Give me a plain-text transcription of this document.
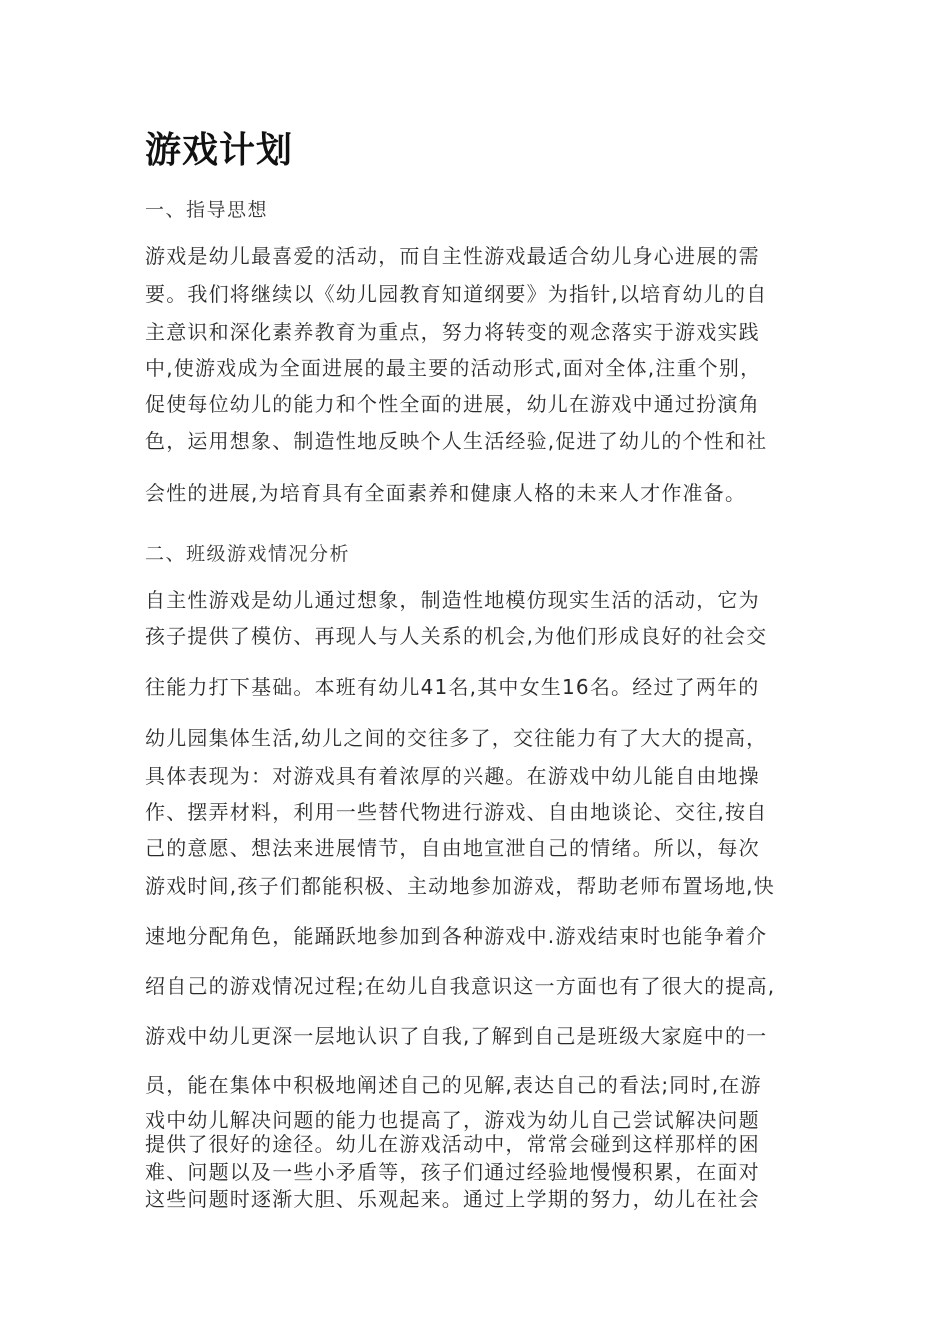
游戏计划

一、指导思想

游戏是幼儿最喜爱的活动，而自主性游戏最适合幼儿身心进展的需

要。我们将继续以《幼儿园教育知道纲要》为指针,以培育幼儿的自

主意识和深化素养教育为重点，努力将转变的观念落实于游戏实践

中,使游戏成为全面进展的最主要的活动形式,面对全体,注重个别，

促使每位幼儿的能力和个性全面的进展，幼儿在游戏中通过扮演角

色，运用想象、制造性地反映个人生活经验,促进了幼儿的个性和社

会性的进展,为培育具有全面素养和健康人格的未来人才作准备。

二、班级游戏情况分析

自主性游戏是幼儿通过想象，制造性地模仿现实生活的活动，它为

孩子提供了模仿、再现人与人关系的机会,为他们形成良好的社会交

往能力打下基础。本班有幼儿41名,其中女生16名。经过了两年的

幼儿园集体生活,幼儿之间的交往多了，交往能力有了大大的提高，

具体表现为：对游戏具有着浓厚的兴趣。在游戏中幼儿能自由地操

作、摆弄材料，利用一些替代物进行游戏、自由地谈论、交往,按自

己的意愿、想法来进展情节，自由地宣泄自己的情绪。所以，每次

游戏时间,孩子们都能积极、主动地参加游戏，帮助老师布置场地,快

速地分配角色，能踊跃地参加到各种游戏中.游戏结束时也能争着介

绍自己的游戏情况过程;在幼儿自我意识这一方面也有了很大的提高,

游戏中幼儿更深一层地认识了自我,了解到自己是班级大家庭中的一

员，能在集体中积极地阐述自己的见解,表达自己的看法;同时,在游

戏中幼儿解决问题的能力也提高了，游戏为幼儿自己尝试解决问题

提供了很好的途径。幼儿在游戏活动中，常常会碰到这样那样的困

难、问题以及一些小矛盾等，孩子们通过经验地慢慢积累，在面对

这些问题时逐渐大胆、乐观起来。通过上学期的努力，幼儿在社会
